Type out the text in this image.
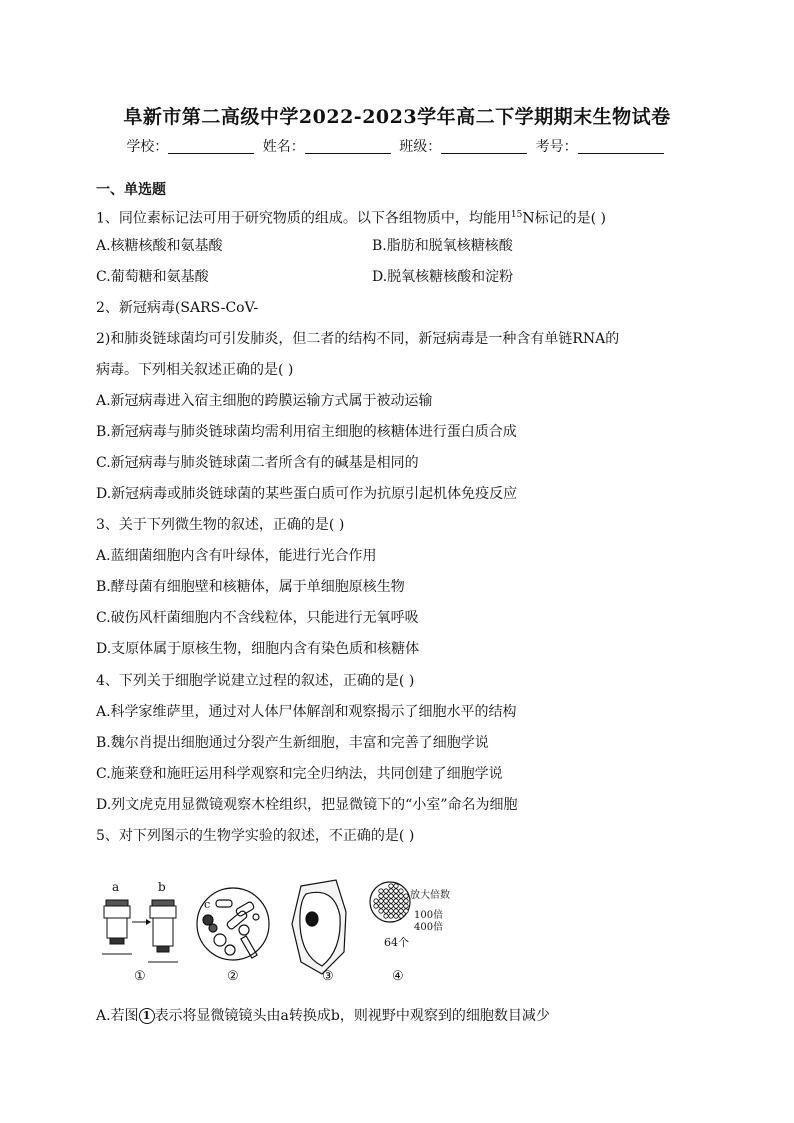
阜新市第二高级中学2022-2023学年高二下学期期末生物试卷
学校：	姓名：	班级：	考号：
一、单选题
1、同位素标记法可用于研究物质的组成。以下各组物质中，均能用$^{15}$N标记的是( )
A.核糖核酸和氨基酸	B.脂肪和脱氧核糖核酸
C.葡萄糖和氨基酸	D.脱氧核糖核酸和淀粉
2、新冠病毒(SARS-CoV-
2)和肺炎链球菌均可引发肺炎，但二者的结构不同，新冠病毒是一种含有单链RNA的
病毒。下列相关叙述正确的是( )
A.新冠病毒进入宿主细胞的跨膜运输方式属于被动运输
B.新冠病毒与肺炎链球菌均需利用宿主细胞的核糖体进行蛋白质合成
C.新冠病毒与肺炎链球菌二者所含有的碱基是相同的
D.新冠病毒或肺炎链球菌的某些蛋白质可作为抗原引起机体免疫反应
3、关于下列微生物的叙述，正确的是( )
A.蓝细菌细胞内含有叶绿体，能进行光合作用
B.酵母菌有细胞壁和核糖体，属于单细胞原核生物
C.破伤风杆菌细胞内不含线粒体，只能进行无氧呼吸
D.支原体属于原核生物，细胞内含有染色质和核糖体
4、下列关于细胞学说建立过程的叙述，正确的是( )
A.科学家维萨里，通过对人体尸体解剖和观察揭示了细胞水平的结构
B.魏尔肖提出细胞通过分裂产生新细胞，丰富和完善了细胞学说
C.施莱登和施旺运用科学观察和完全归纳法，共同创建了细胞学说
D.列文虎克用显微镜观察木栓组织，把显微镜下的“小室”命名为细胞
5、对下列图示的生物学实验的叙述，不正确的是( )
a	b
c
放大倍数
100倍
400倍
64个
①	②	③	④
A.若图 1 表示将显微镜镜头由a转换成b，则视野中观察到的细胞数目减少
